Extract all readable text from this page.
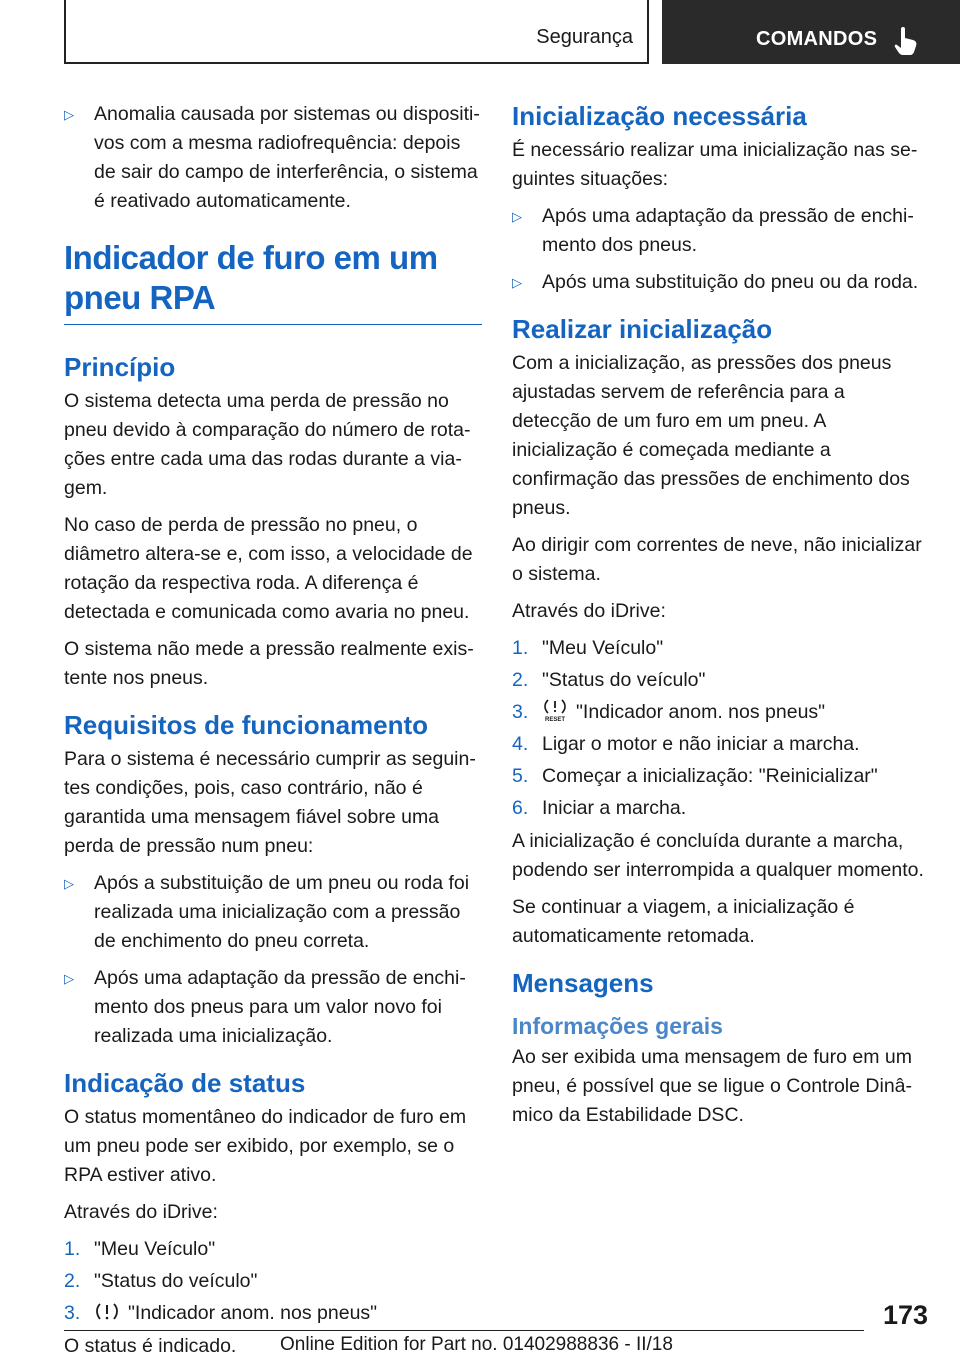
Segurança	COMANDOS
▷ Anomalia causada por sistemas ou dispositivos com a mesma radiofrequência: depois de sair do campo de interferência, o sistema é reativado automaticamente.
Indicador de furo em um pneu RPA
Princípio

O sistema detecta uma perda de pressão no pneu devido à comparação do número de rotações entre cada uma das rodas durante a viagem.

No caso de perda de pressão no pneu, o diâmetro altera-se e, com isso, a velocidade de rotação da respectiva roda. A diferença é detectada e comunicada como avaria no pneu.

O sistema não mede a pressão realmente existente nos pneus.

Requisitos de funcionamento

Para o sistema é necessário cumprir as seguintes condições, pois, caso contrário, não é garantida uma mensagem fiável sobre uma perda de pressão num pneu:

▷ Após a substituição de um pneu ou roda foi realizada uma inicialização com a pressão de enchimento do pneu correta.
▷ Após uma adaptação da pressão de enchimento dos pneus para um valor novo foi realizada uma inicialização.
Indicação de status

O status momentâneo do indicador de furo em um pneu pode ser exibido, por exemplo, se o RPA estiver ativo.

Através do iDrive:

1. "Meu Veículo"
2. "Status do veículo"
3. "Indicador anom. nos pneus"

O status é indicado.

Inicialização necessária

É necessário realizar uma inicialização nas seguintes situações:

▷ Após uma adaptação da pressão de enchimento dos pneus.
▷ Após uma substituição do pneu ou da roda.
Realizar inicialização

Com a inicialização, as pressões dos pneus ajustadas servem de referência para a detecção de um furo em um pneu. A inicialização é começada mediante a confirmação das pressões de enchimento dos pneus.

Ao dirigir com correntes de neve, não inicializar o sistema.

Através do iDrive:

1. "Meu Veículo"
2. "Status do veículo"
3.	RESET "Indicador anom. nos pneus"
4. Ligar o motor e não iniciar a marcha.
5. Começar a inicialização: "Reinicializar"
6. Iniciar a marcha.

A inicialização é concluída durante a marcha, podendo ser interrompida a qualquer momento.

Se continuar a viagem, a inicialização é automaticamente retomada.

Mensagens
Informações gerais

Ao ser exibida uma mensagem de furo em um pneu, é possível que se ligue o Controle Dinâmico da Estabilidade DSC.

173
Online Edition for Part no. 01402988836 - II/18
